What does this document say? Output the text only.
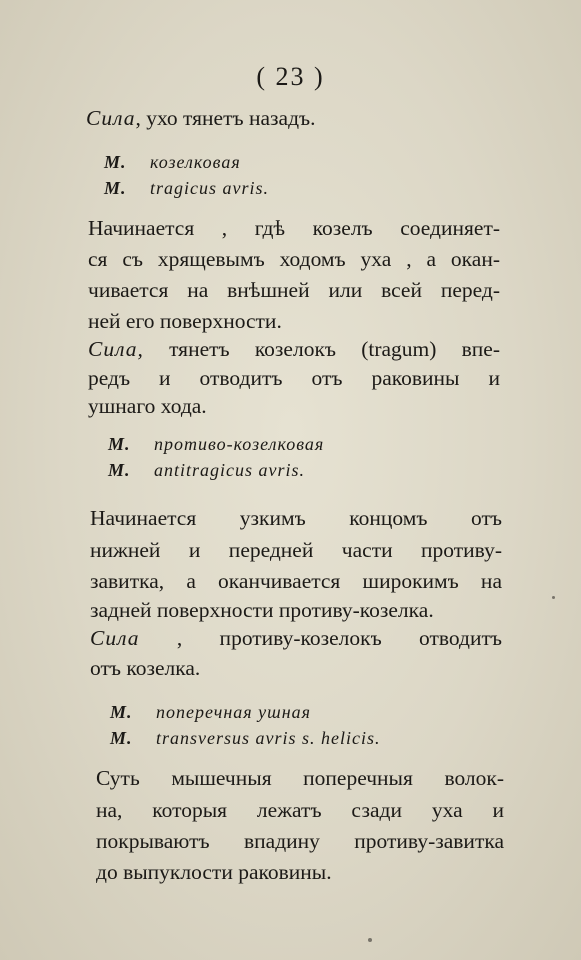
( 23 )
Сила, ухо тянетъ назадъ.
М. козелковая
M. tragicus avris.
Начинается , гдѣ козелъ соединяет-
ся съ хрящевымъ ходомъ уха , а окан-
чивается на внѣшней или всей перед-
ней его поверхности.
Сила, тянетъ козелокъ (tragum) впе-
редъ и отводитъ отъ раковины и
ушнаго хода.
М. противо-козелковая
M. antitragicus avris.
Начинается узкимъ концомъ отъ
нижней и передней части противу-
завитка, а оканчивается широкимъ на
задней поверхности противу-козелка.
Сила , противу-козелокъ отводитъ
отъ козелка.
М. поперечная ушная
M. transversus avris s. helicis.
Суть мышечныя поперечныя волок-
на, которыя лежатъ сзади уха и
покрываютъ впадину противу-завитка
до выпуклости раковины.
